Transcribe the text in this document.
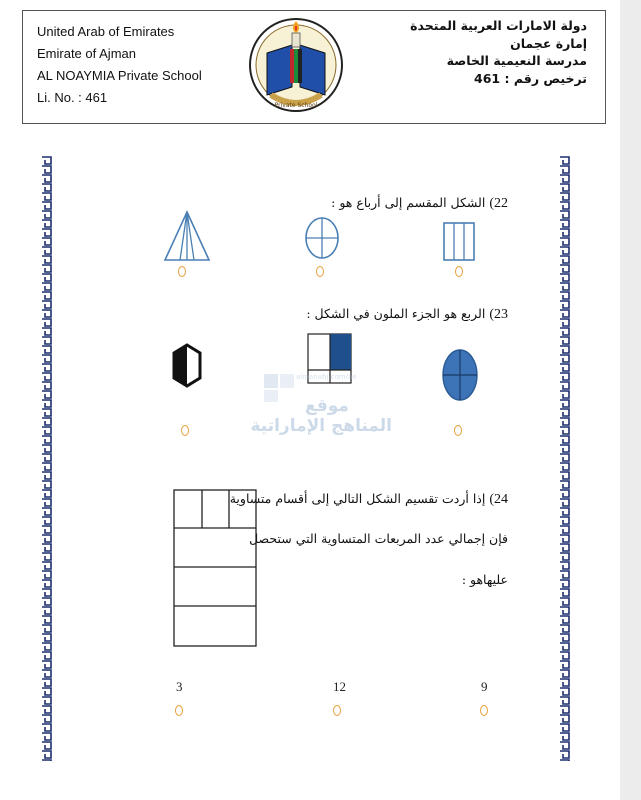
United Arab of Emirates
Emirate of Ajman
AL NOAYMIA Private School
Li. No. : 461
Private School
دولة الامارات العربية المتحدة
إمارة عجمان
مدرسة النعيمية الخاصة
ترخيص رقم : 461
22) الشكل المقسم إلى أرباع هو :
23) الربع هو الجزء الملون في الشكل :
almanahj.com/ae
موقع
المناهج الإماراتية
24) إذا أردت تقسيم الشكل التالي إلى أقسام متساوية
فإن إجمالي عدد المربعات المتساوية التي ستحصل
عليهاهو :
3	12	9
